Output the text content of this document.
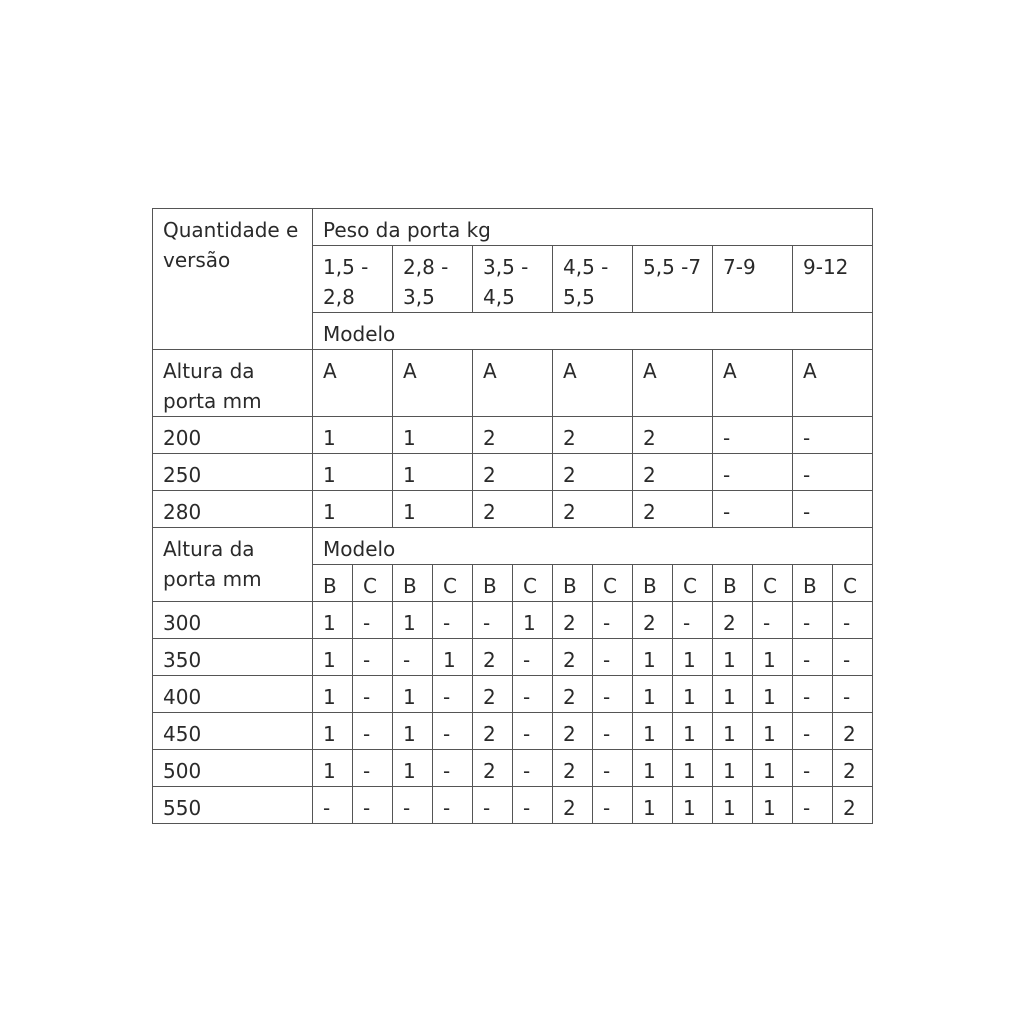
Quantidade e versão	Peso da porta kg													
	1,5 - 2,8		2,8 - 3,5		3,5 - 4,5		4,5 - 5,5		5,5 -7		7-9		9-12	
	Modelo													
Altura da porta mm	A		A		A		A		A		A		A	
200	1		1		2		2		2		-		-	
250	1		1		2		2		2		-		-	
280	1		1		2		2		2		-		-	
Altura da porta mm	Modelo													
	B	C	B	C	B	C	B	C	B	C	B	C	B	C
300	1	-	1	-	-	1	2	-	2	-	2	-	-	-
350	1	-	-	1	2	-	2	-	1	1	1	1	-	-
400	1	-	1	-	2	-	2	-	1	1	1	1	-	-
450	1	-	1	-	2	-	2	-	1	1	1	1	-	2
500	1	-	1	-	2	-	2	-	1	1	1	1	-	2
550	-	-	-	-	-	-	2	-	1	1	1	1	-	2
